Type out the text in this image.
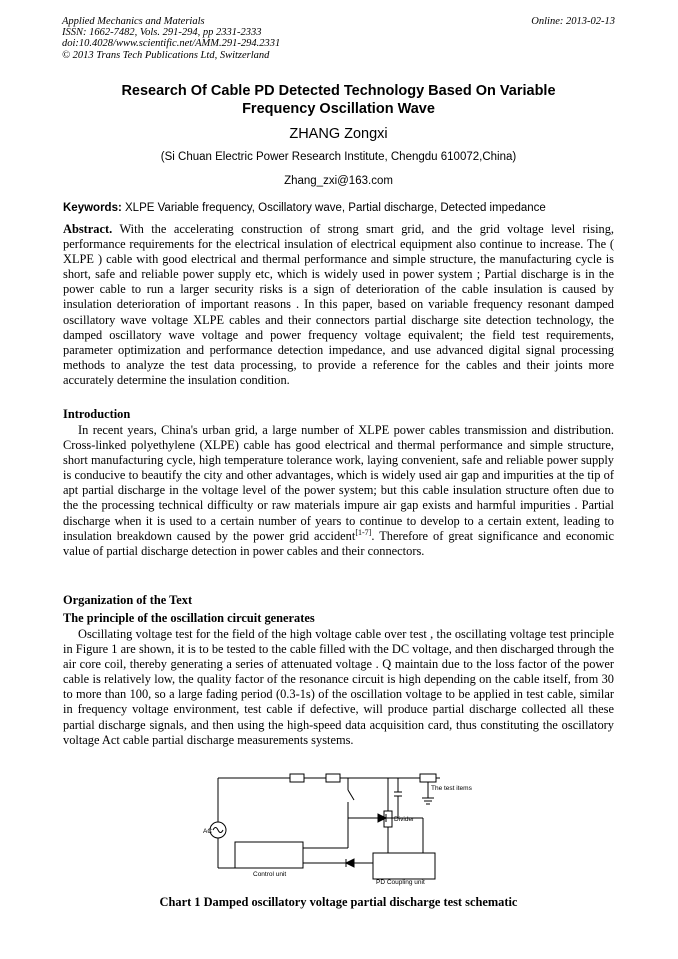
Applied Mechanics and Materials
ISSN: 1662-7482, Vols. 291-294, pp 2331-2333
doi:10.4028/www.scientific.net/AMM.291-294.2331
© 2013 Trans Tech Publications Ltd, Switzerland
Online: 2013-02-13
Research Of Cable PD Detected Technology Based On Variable
Frequency Oscillation Wave
ZHANG Zongxi
(Si Chuan Electric Power Research Institute, Chengdu 610072,China)
Zhang_zxi@163.com
Keywords: XLPE Variable frequency, Oscillatory wave, Partial discharge, Detected impedance
Abstract. With the accelerating construction of strong smart grid, and the grid voltage level rising, performance requirements for the electrical insulation of electrical equipment also continue to increase. The ( XLPE ) cable with good electrical and thermal performance and simple structure, the manufacturing cycle is short, safe and reliable power supply etc, which is widely used in power system ; Partial discharge is in the power cable to run a larger security risks is a sign of deterioration of the cable insulation is caused by insulation deterioration of important reasons . In this paper, based on variable frequency resonant damped oscillatory wave voltage XLPE cables and their connectors partial discharge site detection technology, the damped oscillatory wave voltage and power frequency voltage equivalent; the field test requirements, parameter optimization and performance detection impedance, and use advanced digital signal processing methods to analyze the test data processing, to provide a reference for the cables and their joints more accurately determine the insulation condition.
Introduction
In recent years, China's urban grid, a large number of XLPE power cables transmission and distribution. Cross-linked polyethylene (XLPE) cable has good electrical and thermal performance and simple structure, short manufacturing cycle, high temperature tolerance work, laying convenient, safe and reliable power supply is conducive to beautify the city and other advantages, which is widely used air gap and impurities at the tip of apt partial discharge in the voltage level of the power system; but this cable insulation structure often due to the the processing technical difficulty or raw materials impure air gap exists and harmful impurities . Partial discharge when it is used to a certain number of years to continue to develop to a certain extent, leading to insulation breakdown caused by the power grid accident[1-7]. Therefore of great significance and economic value of partial discharge detection in power cables and their connectors.
Organization of the Text
The principle of the oscillation circuit generates
Oscillating voltage test for the field of the high voltage cable over test , the oscillating voltage test principle in Figure 1 are shown, it is to be tested to the cable filled with the DC voltage, and then discharged through the air core coil, thereby generating a series of attenuated voltage . Q maintain due to the loss factor of the power cable is relatively low, the quality factor of the resonance circuit is high depending on the cable itself, from 30 to more than 100, so a large fading period (0.3-1s) of the oscillation voltage to be applied in test cable, similar in frequency voltage environment, test cable if defective, will produce partial discharge collected all these partial discharge signals, and then using the high-speed data acquisition card, thus constituting the oscillatory voltage Act cable partial discharge measurements systems.
AC
The test items
Divider
Control unit
PD Coupling unit
Chart 1 Damped oscillatory voltage partial discharge test schematic
